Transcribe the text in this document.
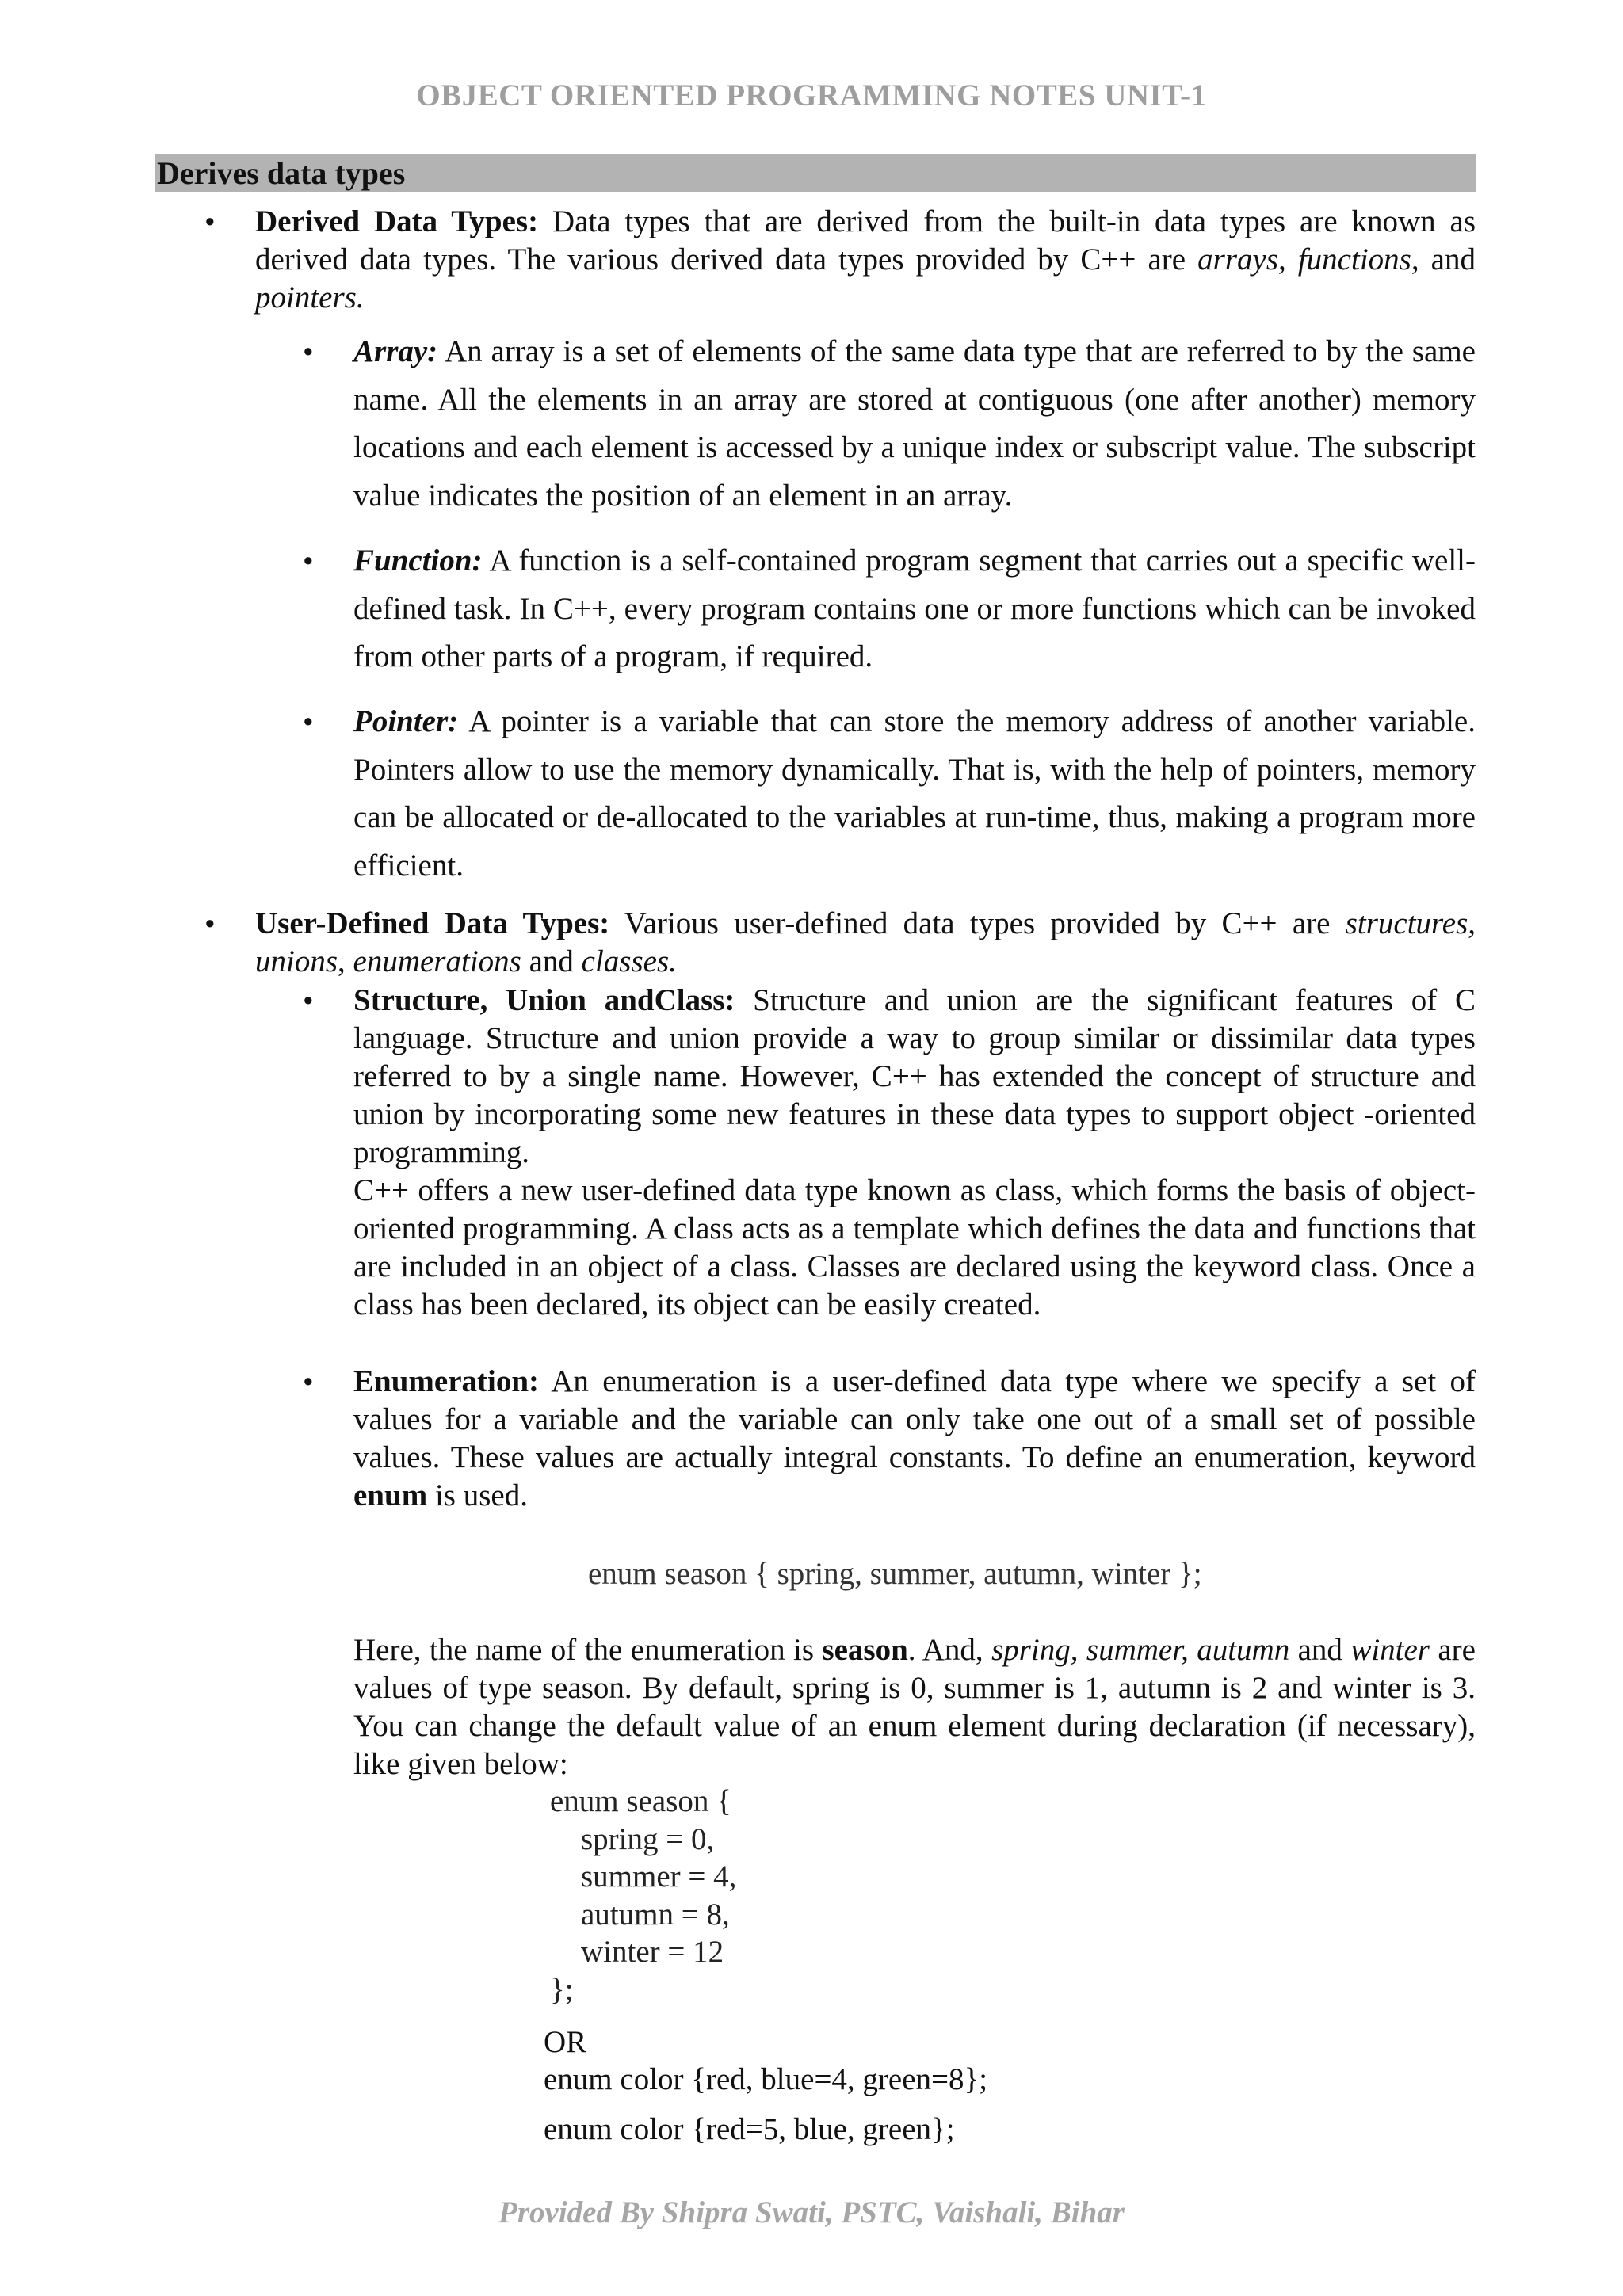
OBJECT ORIENTED PROGRAMMING NOTES UNIT-1
Derives data types
• Derived Data Types: Data types that are derived from the built-in data types are known as derived data types. The various derived data types provided by C++ are arrays, functions, and pointers.
• Array: An array is a set of elements of the same data type that are referred to by the same name. All the elements in an array are stored at contiguous (one after another) memory locations and each element is accessed by a unique index or subscript value. The subscript value indicates the position of an element in an array.
• Function: A function is a self-contained program segment that carries out a specific well-defined task. In C++, every program contains one or more functions which can be invoked from other parts of a program, if required.
• Pointer: A pointer is a variable that can store the memory address of another variable. Pointers allow to use the memory dynamically. That is, with the help of pointers, memory can be allocated or de-allocated to the variables at run-time, thus, making a program more efficient.
• User-Defined Data Types: Various user-defined data types provided by C++ are structures, unions, enumerations and classes.
• Structure, Union andClass: Structure and union are the significant features of C language. Structure and union provide a way to group similar or dissimilar data types referred to by a single name. However, C++ has extended the concept of structure and union by incorporating some new features in these data types to support object -oriented programming.
C++ offers a new user-defined data type known as class, which forms the basis of object-oriented programming. A class acts as a template which defines the data and functions that are included in an object of a class. Classes are declared using the keyword class. Once a class has been declared, its object can be easily created.
• Enumeration: An enumeration is a user-defined data type where we specify a set of values for a variable and the variable can only take one out of a small set of possible values. These values are actually integral constants. To define an enumeration, keyword enum is used.
enum season { spring, summer, autumn, winter };
Here, the name of the enumeration is season. And, spring, summer, autumn and winter are values of type season. By default, spring is 0, summer is 1, autumn is 2 and winter is 3. You can change the default value of an enum element during declaration (if necessary), like given below:
enum season {
spring = 0,
summer = 4,
autumn = 8,
winter = 12
};
OR
enum color {red, blue=4, green=8};
enum color {red=5, blue, green};
Provided By Shipra Swati, PSTC, Vaishali, Bihar
